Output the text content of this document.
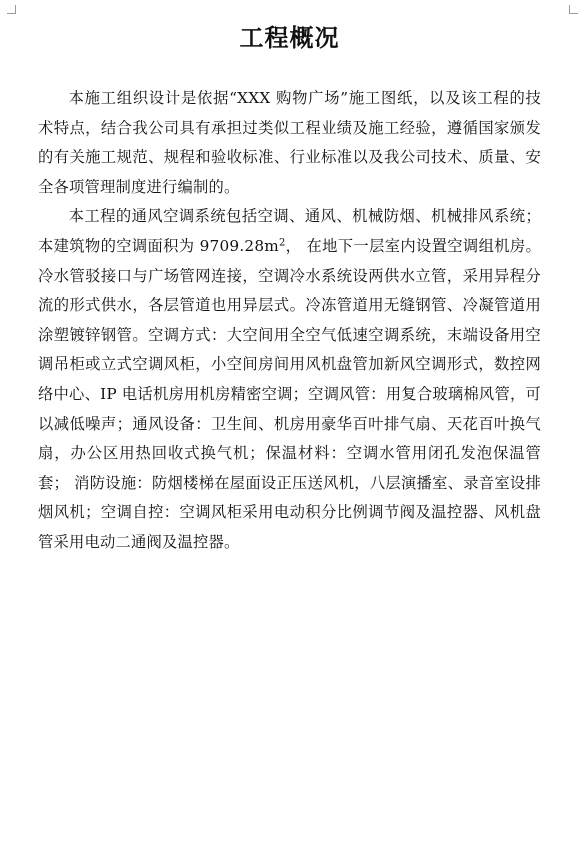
工程概况

本施工组织设计是依据“XXX 购物广场”施工图纸，以及该工程的技术特点，结合我公司具有承担过类似工程业绩及施工经验，遵循国家颁发的有关施工规范、规程和验收标准、行业标准以及我公司技术、质量、安全各项管理制度进行编制的。

本工程的通风空调系统包括空调、通风、机械防烟、机械排风系统；本建筑物的空调面积为 $9709.28m^2$， 在地下一层室内设置空调组机房。冷水管驳接口与广场管网连接，空调冷水系统设两供水立管，采用异程分流的形式供水，各层管道也用异层式。冷冻管道用无缝钢管、冷凝管道用涂塑镀锌钢管。空调方式：大空间用全空气低速空调系统，末端设备用空调吊柜或立式空调风柜，小空间房间用风机盘管加新风空调形式，数控网络中心、IP 电话机房用机房精密空调；空调风管：用复合玻璃棉风管，可以减低噪声；通风设备：卫生间、机房用豪华百叶排气扇、天花百叶换气扇，办公区用热回收式换气机；保温材料：空调水管用闭孔发泡保温管套； 消防设施：防烟楼梯在屋面设正压送风机，八层演播室、录音室设排烟风机；空调自控：空调风柜采用电动积分比例调节阀及温控器、风机盘管采用电动二通阀及温控器。
